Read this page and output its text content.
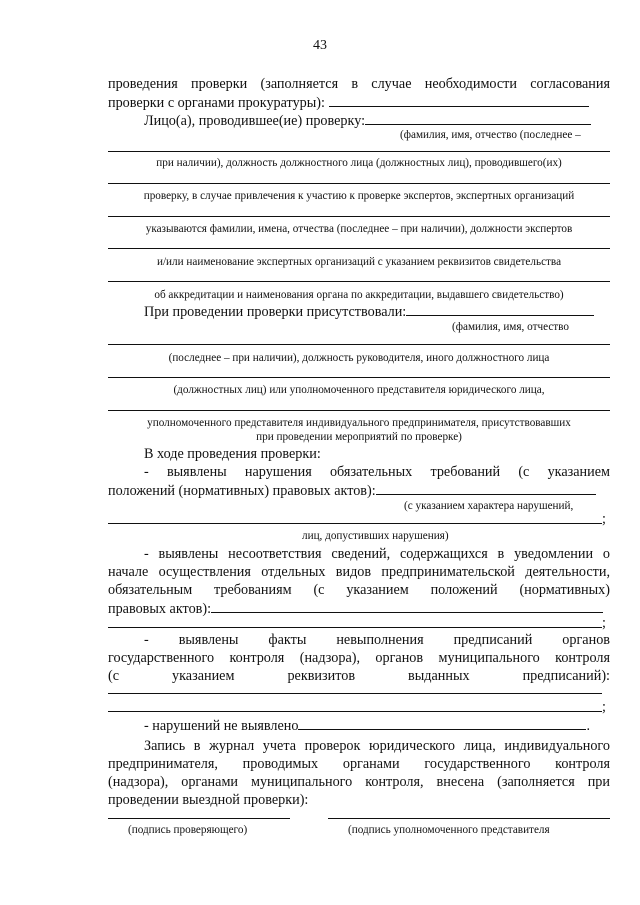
43
проведения проверки (заполняется в случае необходимости согласования
проверки с органами прокуратуры):
Лицо(а), проводившее(ие) проверку:
(фамилия, имя, отчество (последнее –
при наличии), должность должностного лица (должностных лиц), проводившего(их)
проверку, в случае привлечения к участию к проверке экспертов, экспертных организаций
указываются фамилии, имена, отчества (последнее – при наличии), должности экспертов
и/или наименование экспертных организаций с указанием реквизитов свидетельства
об аккредитации и наименования органа по аккредитации, выдавшего свидетельство)
При проведении проверки присутствовали:
(фамилия, имя, отчество
(последнее – при наличии), должность руководителя, иного должностного лица
(должностных лиц) или уполномоченного представителя юридического лица,
уполномоченного представителя индивидуального предпринимателя, присутствовавших
при проведении мероприятий по проверке)
В ходе проведения проверки:
- выявлены нарушения обязательных требований (с указанием
положений (нормативных) правовых актов):
(с указанием характера нарушений,
;
лиц, допустивших нарушения)
- выявлены несоответствия сведений, содержащихся в уведомлении о
начале осуществления отдельных видов предпринимательской деятельности,
обязательным требованиям (с указанием положений (нормативных)
правовых актов):
;
- выявлены факты невыполнения предписаний органов
государственного контроля (надзора), органов муниципального контроля
(с указанием реквизитов выданных предписаний):
;
- нарушений не выявлено	.
Запись в журнал учета проверок юридического лица, индивидуального
предпринимателя, проводимых органами государственного контроля
(надзора), органами муниципального контроля, внесена (заполняется при
проведении выездной проверки):
(подпись проверяющего)	(подпись уполномоченного представителя
